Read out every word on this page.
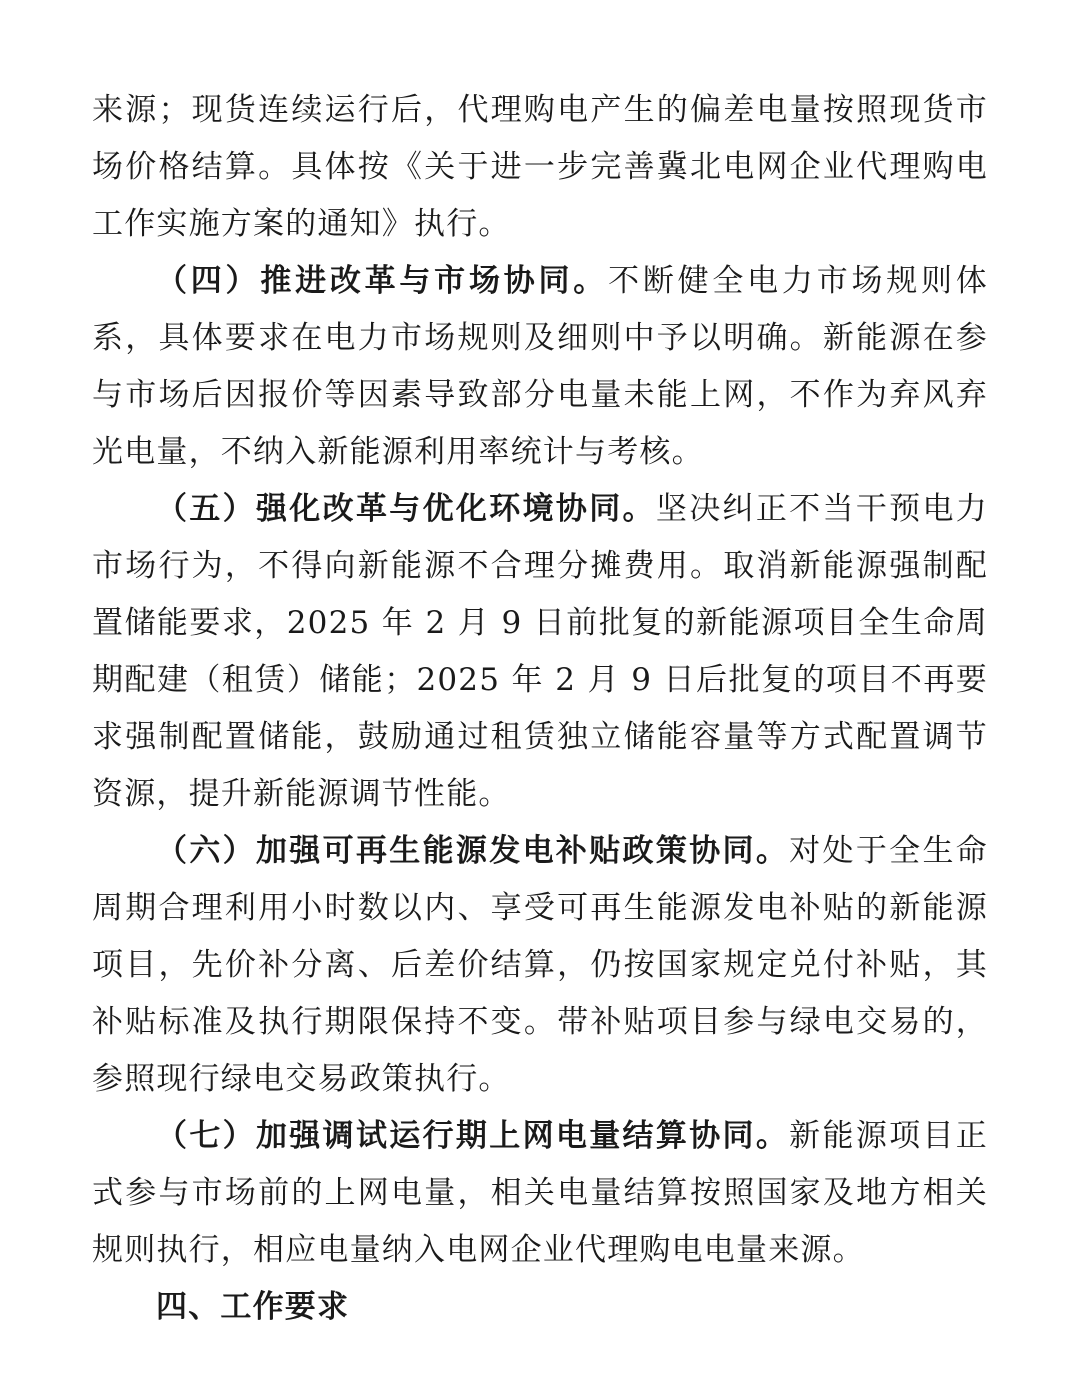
来源；现货连续运行后，代理购电产生的偏差电量按照现货市场价格结算。具体按《关于进一步完善冀北电网企业代理购电工作实施方案的通知》执行。

（四）推进改革与市场协同。不断健全电力市场规则体系，具体要求在电力市场规则及细则中予以明确。新能源在参与市场后因报价等因素导致部分电量未能上网，不作为弃风弃光电量，不纳入新能源利用率统计与考核。

（五）强化改革与优化环境协同。坚决纠正不当干预电力市场行为，不得向新能源不合理分摊费用。取消新能源强制配置储能要求，2025 年 2 月 9 日前批复的新能源项目全生命周期配建（租赁）储能；2025 年 2 月 9 日后批复的项目不再要求强制配置储能，鼓励通过租赁独立储能容量等方式配置调节资源，提升新能源调节性能。

（六）加强可再生能源发电补贴政策协同。对处于全生命周期合理利用小时数以内、享受可再生能源发电补贴的新能源项目，先价补分离、后差价结算，仍按国家规定兑付补贴，其补贴标准及执行期限保持不变。带补贴项目参与绿电交易的，参照现行绿电交易政策执行。

（七）加强调试运行期上网电量结算协同。新能源项目正式参与市场前的上网电量，相关电量结算按照国家及地方相关规则执行，相应电量纳入电网企业代理购电电量来源。

四、工作要求
